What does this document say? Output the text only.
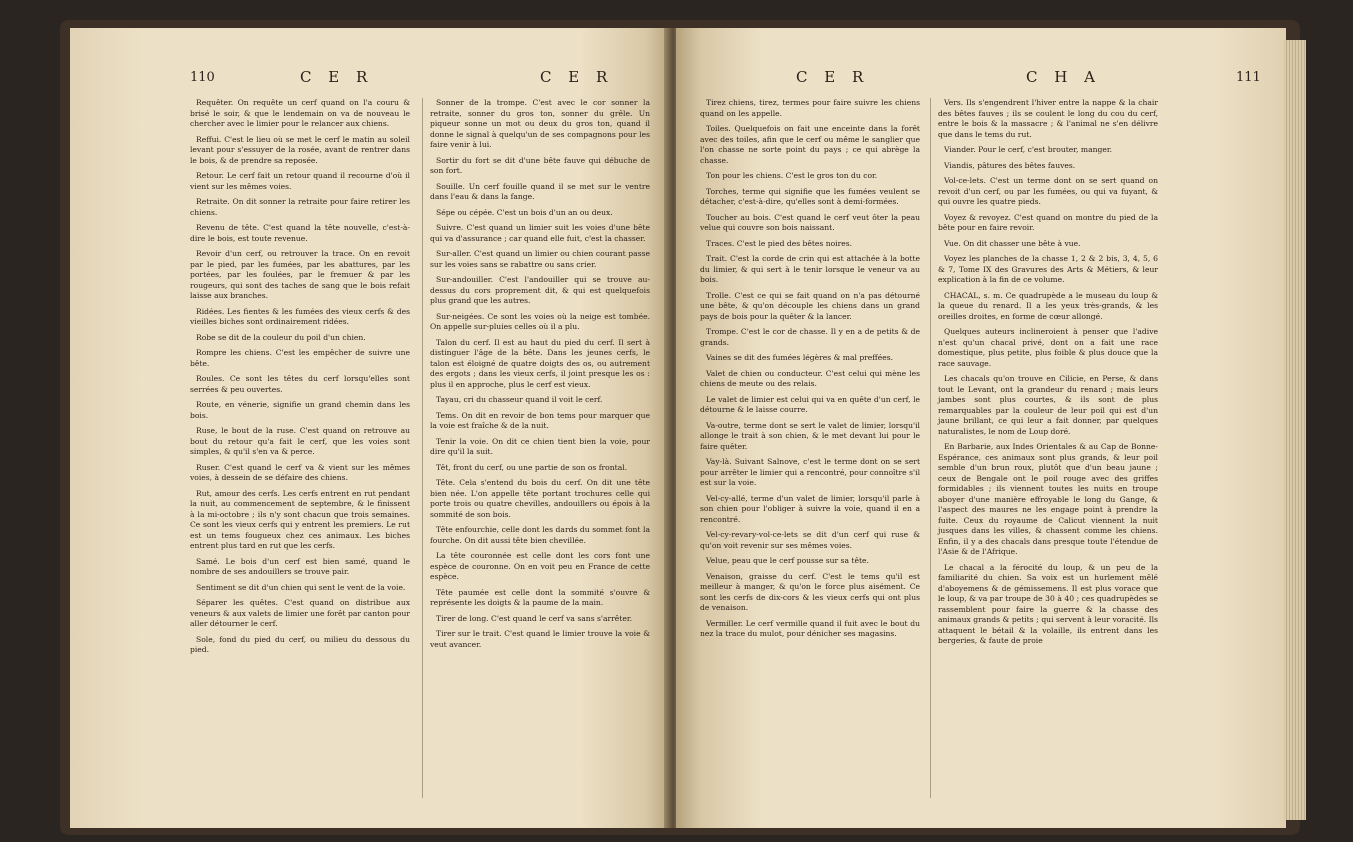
110	C E R	C E R

Requêter. On requête un cerf quand on l'a couru & brisé le soir, & que le lendemain on va de nouveau le chercher avec le limier pour le relancer aux chiens.

Reffui. C'est le lieu où se met le cerf le matin au soleil levant pour s'essuyer de la rosée, avant de rentrer dans le bois, & de prendre sa reposée.

Retour. Le cerf fait un retour quand il recourne d'où il vient sur les mêmes voies.

Retraite. On dit sonner la retraite pour faire retirer les chiens.

Revenu de tête. C'est quand la tête nouvelle, c'est-à-dire le bois, est toute revenue.

Revoir d'un cerf, ou retrouver la trace. On en revoit par le pied, par les fumées, par les abattures, par les portées, par les foulées, par le fremuer & par les rougeurs, qui sont des taches de sang que le bois refait laisse aux branches.

Ridées. Les fientes & les fumées des vieux cerfs & des vieilles biches sont ordinairement ridées.

Robe se dit de la couleur du poil d'un chien.

Rompre les chiens. C'est les empêcher de suivre une bête.

Roules. Ce sont les têtes du cerf lorsqu'elles sont serrées & peu ouvertes.

Route, en vénerie, signifie un grand chemin dans les bois.

Ruse, le bout de la ruse. C'est quand on retrouve au bout du retour qu'a fait le cerf, que les voies sont simples, & qu'il s'en va & perce.

Ruser. C'est quand le cerf va & vient sur les mêmes voies, à dessein de se défaire des chiens.

Rut, amour des cerfs. Les cerfs entrent en rut pendant la nuit, au commencement de septembre, & le finissent à la mi-octobre ; ils n'y sont chacun que trois semaines. Ce sont les vieux cerfs qui y entrent les premiers. Le rut est un tems fougueux chez ces animaux. Les biches entrent plus tard en rut que les cerfs.

Samé. Le bois d'un cerf est bien samé, quand le nombre de ses andouillers se trouve pair.

Sentiment se dit d'un chien qui sent le vent de la voie.

Séparer les quêtes. C'est quand on distribue aux veneurs & aux valets de limier une forêt par canton pour aller détourner le cerf.

Sole, fond du pied du cerf, ou milieu du dessous du pied.

Sonner de la trompe. C'est avec le cor sonner la retraite, sonner du gros ton, sonner du grêle. Un piqueur sonne un mot ou deux du gros ton, quand il donne le signal à quelqu'un de ses compagnons pour les faire venir à lui.

Sortir du fort se dit d'une bête fauve qui débuche de son fort.

Souille. Un cerf fouille quand il se met sur le ventre dans l'eau & dans la fange.

Sépe ou cépée. C'est un bois d'un an ou deux.

Suivre. C'est quand un limier suit les voies d'une bête qui va d'assurance ; car quand elle fuit, c'est la chasser.

Sur-aller. C'est quand un limier ou chien courant passe sur les voies sans se rabattre ou sans crier.

Sur-andouiller. C'est l'andouiller qui se trouve au-dessus du cors proprement dit, & qui est quelquefois plus grand que les autres.

Sur-neigées. Ce sont les voies où la neige est tombée. On appelle sur-pluies celles où il a plu.

Talon du cerf. Il est au haut du pied du cerf. Il sert à distinguer l'âge de la bête. Dans les jeunes cerfs, le talon est éloigné de quatre doigts des os, ou autrement des ergots ; dans les vieux cerfs, il joint presque les os : plus il en approche, plus le cerf est vieux.

Tayau, cri du chasseur quand il voit le cerf.

Tems. On dit en revoir de bon tems pour marquer que la voie est fraîche & de la nuit.

Tenir la voie. On dit ce chien tient bien la voie, pour dire qu'il la suit.

Têt, front du cerf, ou une partie de son os frontal.

Tête. Cela s'entend du bois du cerf. On dit une tête bien née. L'on appelle tête portant trochures celle qui porte trois ou quatre chevilles, andouillers ou épois à la sommité de son bois.

Tête enfourchie, celle dont les dards du sommet font la fourche. On dit aussi tête bien chevillée.

La tête couronnée est celle dont les cors font une espèce de couronne. On en voit peu en France de cette espèce.

Tête paumée est celle dont la sommité s'ouvre & représente les doigts & la paume de la main.

Tirer de long. C'est quand le cerf va sans s'arrêter.

Tirer sur le trait. C'est quand le limier trouve la voie & veut avancer.

C E R	C H A	111

Tirez chiens, tirez, termes pour faire suivre les chiens quand on les appelle.

Toiles. Quelquefois on fait une enceinte dans la forêt avec des toiles, afin que le cerf ou même le sanglier que l'on chasse ne sorte point du pays ; ce qui abrège la chasse.

Ton pour les chiens. C'est le gros ton du cor.

Torches, terme qui signifie que les fumées veulent se détacher, c'est-à-dire, qu'elles sont à demi-formées.

Toucher au bois. C'est quand le cerf veut ôter la peau velue qui couvre son bois naissant.

Traces. C'est le pied des bêtes noires.

Trait. C'est la corde de crin qui est attachée à la botte du limier, & qui sert à le tenir lorsque le veneur va au bois.

Trolle. C'est ce qui se fait quand on n'a pas détourné une bête, & qu'on découple les chiens dans un grand pays de bois pour la quêter & la lancer.

Trompe. C'est le cor de chasse. Il y en a de petits & de grands.

Vaines se dit des fumées légères & mal preffées.

Valet de chien ou conducteur. C'est celui qui mène les chiens de meute ou des relais.

Le valet de limier est celui qui va en quête d'un cerf, le détourne & le laisse courre.

Va-outre, terme dont se sert le valet de limier, lorsqu'il allonge le trait à son chien, & le met devant lui pour le faire quêter.

Vay-là. Suivant Salnove, c'est le terme dont on se sert pour arrêter le limier qui a rencontré, pour connoître s'il est sur la voie.

Vel-cy-allé, terme d'un valet de limier, lorsqu'il parle à son chien pour l'obliger à suivre la voie, quand il en a rencontré.

Vel-cy-revary-vol-ce-lets se dit d'un cerf qui ruse & qu'on voit revenir sur ses mêmes voies.

Velue, peau que le cerf pousse sur sa tête.

Venaison, graisse du cerf. C'est le tems qu'il est meilleur à manger, & qu'on le force plus aisément. Ce sont les cerfs de dix-cors & les vieux cerfs qui ont plus de venaison.

Vermiller. Le cerf vermille quand il fuit avec le bout du nez la trace du mulot, pour dénicher ses magasins.

Vers. Ils s'engendrent l'hiver entre la nappe & la chair des bêtes fauves ; ils se coulent le long du cou du cerf, entre le bois & la massacre ; & l'animal ne s'en délivre que dans le tems du rut.

Viander. Pour le cerf, c'est brouter, manger.

Viandis, pâtures des bêtes fauves.

Vol-ce-lets. C'est un terme dont on se sert quand on revoit d'un cerf, ou par les fumées, ou qui va fuyant, & qui ouvre les quatre pieds.

Voyez & revoyez. C'est quand on montre du pied de la bête pour en faire revoir.

Vue. On dit chasser une bête à vue.

Voyez les planches de la chasse 1, 2 & 2 bis, 3, 4, 5, 6 & 7, Tome IX des Gravures des Arts & Métiers, & leur explication à la fin de ce volume.

CHACAL, s. m. Ce quadrupède a le museau du loup & la queue du renard. Il a les yeux très-grands, & les oreilles droites, en forme de cœur allongé.

Quelques auteurs inclineroient à penser que l'adive n'est qu'un chacal privé, dont on a fait une race domestique, plus petite, plus foible & plus douce que la race sauvage.

Les chacals qu'on trouve en Cilicie, en Perse, & dans tout le Levant, ont la grandeur du renard ; mais leurs jambes sont plus courtes, & ils sont de plus remarquables par la couleur de leur poil qui est d'un jaune brillant, ce qui leur a fait donner, par quelques naturalistes, le nom de Loup doré.

En Barbarie, aux Indes Orientales & au Cap de Bonne-Espérance, ces animaux sont plus grands, & leur poil semble d'un brun roux, plutôt que d'un beau jaune ; ceux de Bengale ont le poil rouge avec des griffes formidables ; ils viennent toutes les nuits en troupe aboyer d'une manière effroyable le long du Gange, & l'aspect des maures ne les engage point à prendre la fuite. Ceux du royaume de Calicut viennent la nuit jusques dans les villes, & chassent comme les chiens. Enfin, il y a des chacals dans presque toute l'étendue de l'Asie & de l'Afrique.

Le chacal a la férocité du loup, & un peu de la familiarité du chien. Sa voix est un hurlement mêlé d'aboyemens & de gémissemens. Il est plus vorace que le loup, & va par troupe de 30 à 40 ; ces quadrupèdes se rassemblent pour faire la guerre & la chasse des animaux grands & petits ; qui servent à leur voracité. Ils attaquent le bétail & la volaille, ils entrent dans les bergeries, & faute de proie
